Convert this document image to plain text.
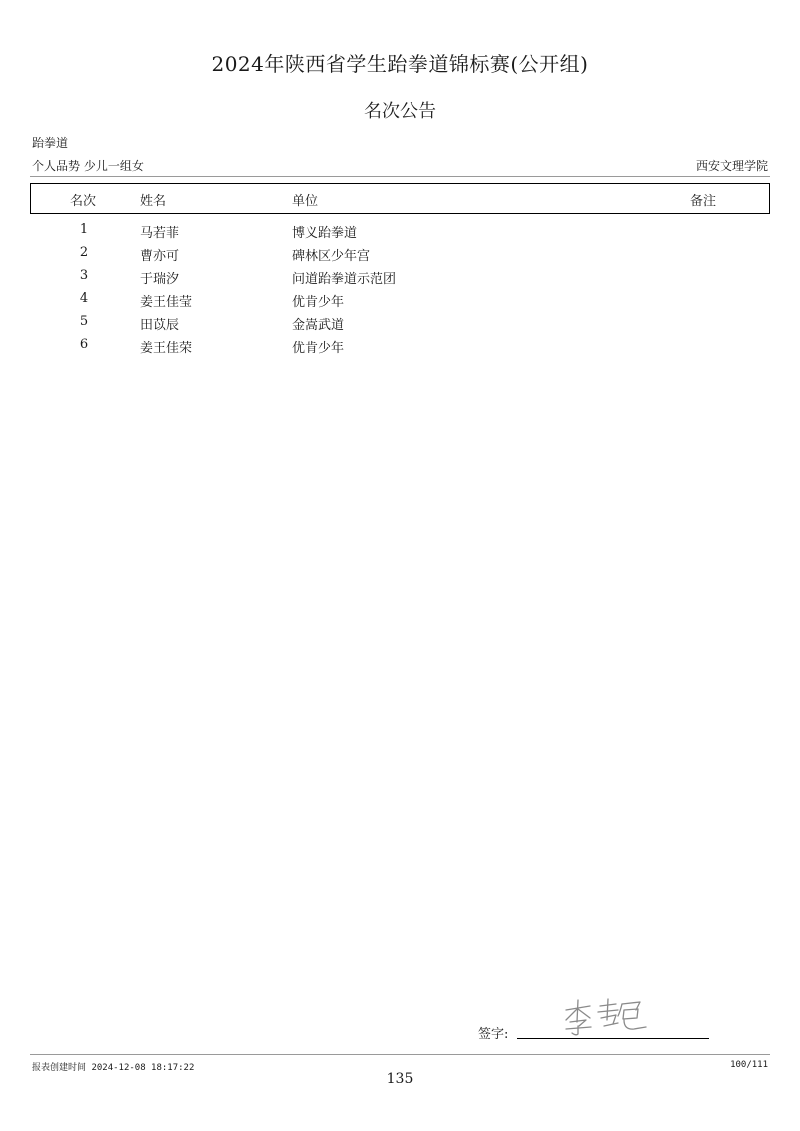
2024年陕西省学生跆拳道锦标赛(公开组)
名次公告
跆拳道
个人品势 少儿一组女	西安文理学院
名次	姓名	单位	备注
1	马若菲	博义跆拳道
2	曹亦可	碑林区少年宫
3	于瑞汐	问道跆拳道示范团
4	姜王佳莹	优肯少年
5	田苡辰	金嵩武道
6	姜王佳荣	优肯少年
签字:
报表创建时间 2024-12-08 18:17:22	100/111
135
